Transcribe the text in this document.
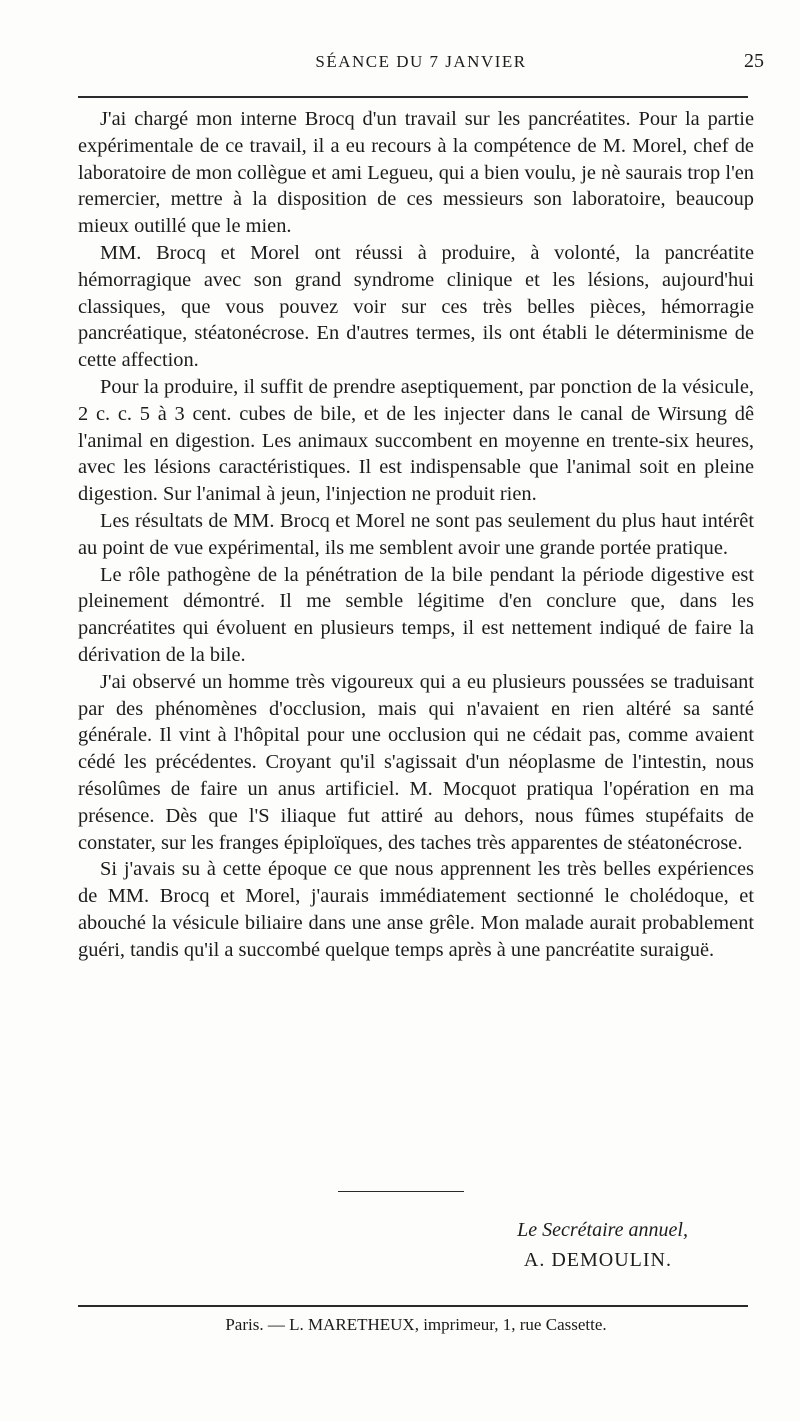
SÉANCE DU 7 JANVIER	25

J'ai chargé mon interne Brocq d'un travail sur les pancréatites. Pour la partie expérimentale de ce travail, il a eu recours à la compétence de M. Morel, chef de laboratoire de mon collègue et ami Legueu, qui a bien voulu, je nè saurais trop l'en remercier, mettre à la disposition de ces messieurs son laboratoire, beaucoup mieux outillé que le mien.

MM. Brocq et Morel ont réussi à produire, à volonté, la pancréatite hémorragique avec son grand syndrome clinique et les lésions, aujourd'hui classiques, que vous pouvez voir sur ces très belles pièces, hémorragie pancréatique, stéatonécrose. En d'autres termes, ils ont établi le déterminisme de cette affection.

Pour la produire, il suffit de prendre aseptiquement, par ponction de la vésicule, 2 c. c. 5 à 3 cent. cubes de bile, et de les injecter dans le canal de Wirsung dê l'animal en digestion. Les animaux succombent en moyenne en trente-six heures, avec les lésions caractéristiques. Il est indispensable que l'animal soit en pleine digestion. Sur l'animal à jeun, l'injection ne produit rien.

Les résultats de MM. Brocq et Morel ne sont pas seulement du plus haut intérêt au point de vue expérimental, ils me semblent avoir une grande portée pratique.

Le rôle pathogène de la pénétration de la bile pendant la période digestive est pleinement démontré. Il me semble légitime d'en conclure que, dans les pancréatites qui évoluent en plusieurs temps, il est nettement indiqué de faire la dérivation de la bile.

J'ai observé un homme très vigoureux qui a eu plusieurs poussées se traduisant par des phénomènes d'occlusion, mais qui n'avaient en rien altéré sa santé générale. Il vint à l'hôpital pour une occlusion qui ne cédait pas, comme avaient cédé les précédentes. Croyant qu'il s'agissait d'un néoplasme de l'intestin, nous résolûmes de faire un anus artificiel. M. Mocquot pratiqua l'opération en ma présence. Dès que l'S iliaque fut attiré au dehors, nous fûmes stupéfaits de constater, sur les franges épiploïques, des taches très apparentes de stéatonécrose.

Si j'avais su à cette époque ce que nous apprennent les très belles expériences de MM. Brocq et Morel, j'aurais immédiatement sectionné le cholédoque, et abouché la vésicule biliaire dans une anse grêle. Mon malade aurait probablement guéri, tandis qu'il a succombé quelque temps après à une pancréatite suraiguë.

Le Secrétaire annuel,
A. DEMOULIN.
Paris. — L. MARETHEUX, imprimeur, 1, rue Cassette.
